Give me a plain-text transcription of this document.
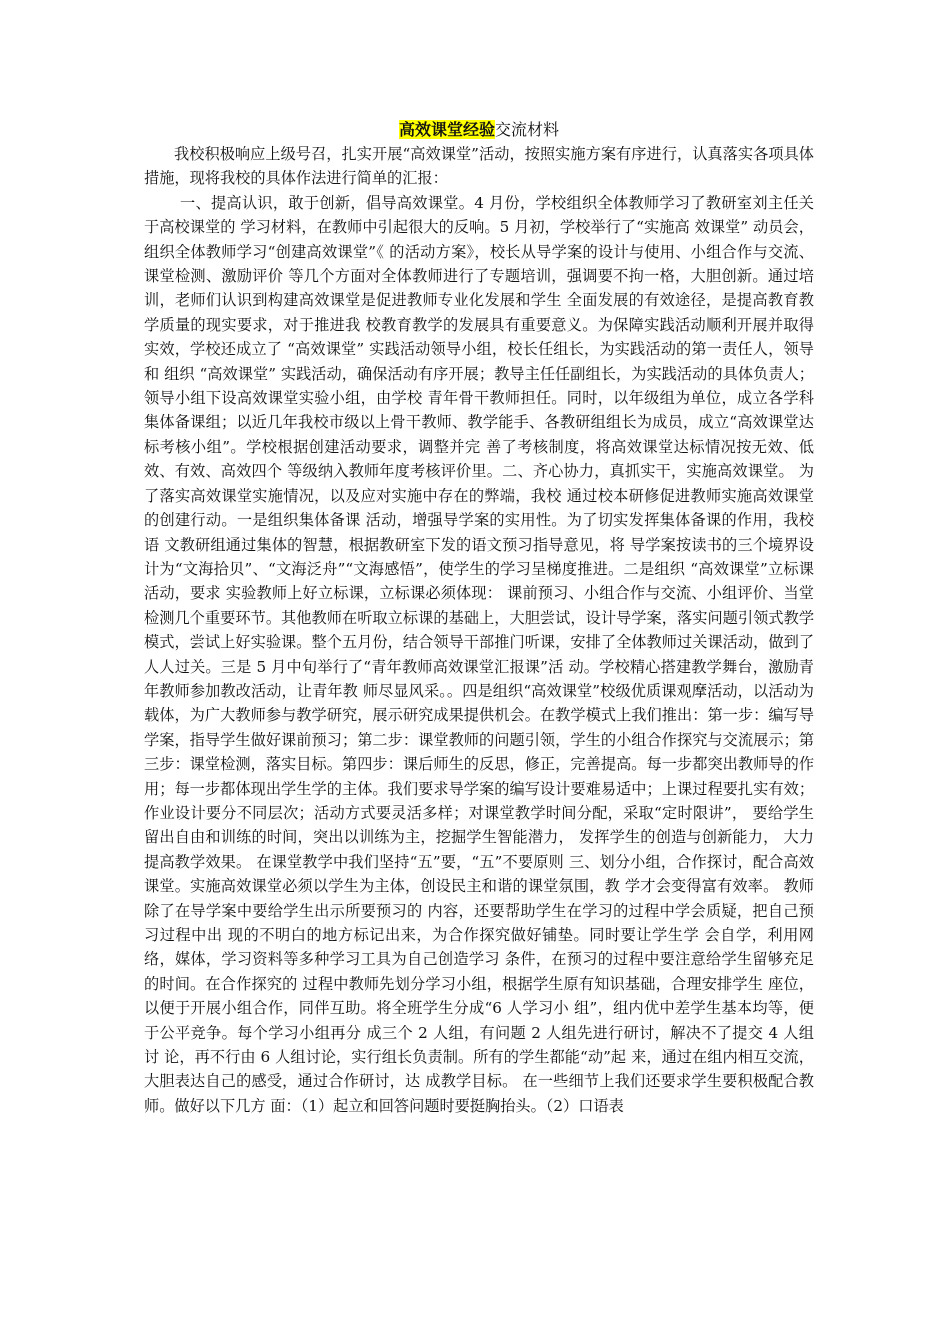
高效课堂经验交流材料

我校积极响应上级号召，扎实开展“高效课堂”活动，按照实施方案有序进行，认真落实各项具体措施，现将我校的具体作法进行简单的汇报：

一、提高认识，敢于创新，倡导高效课堂。4 月份，学校组织全体教师学习了教研室刘主任关于高校课堂的 学习材料，在教师中引起很大的反响。5 月初，学校举行了“实施高 效课堂” 动员会，组织全体教师学习“创建高效课堂”《 的活动方案》，校长从导学案的设计与使用、小组合作与交流、课堂检测、激励评价 等几个方面对全体教师进行了专题培训，强调要不拘一格，大胆创新。通过培训，老师们认识到构建高效课堂是促进教师专业化发展和学生 全面发展的有效途径，是提高教育教学质量的现实要求，对于推进我 校教育教学的发展具有重要意义。为保障实践活动顺利开展并取得实效，学校还成立了 “高效课堂” 实践活动领导小组，校长任组长，为实践活动的第一责任人，领导和 组织 “高效课堂” 实践活动，确保活动有序开展；教导主任任副组长，为实践活动的具体负责人；领导小组下设高效课堂实验小组，由学校 青年骨干教师担任。同时，以年级组为单位，成立各学科集体备课组；以近几年我校市级以上骨干教师、教学能手、各教研组组长为成员，成立“高效课堂达标考核小组”。学校根据创建活动要求，调整并完 善了考核制度，将高效课堂达标情况按无效、低效、有效、高效四个 等级纳入教师年度考核评价里。二、齐心协力，真抓实干，实施高效课堂。 为了落实高效课堂实施情况，以及应对实施中存在的弊端，我校 通过校本研修促进教师实施高效课堂的创建行动。一是组织集体备课 活动，增强导学案的实用性。为了切实发挥集体备课的作用，我校语 文教研组通过集体的智慧，根据教研室下发的语文预习指导意见，将 导学案按读书的三个境界设计为“文海拾贝”、“文海泛舟”“文海感悟”，使学生的学习呈梯度推进。二是组织 “高效课堂”立标课活动，要求 实验教师上好立标课，立标课必须体现： 课前预习、小组合作与交流、小组评价、当堂检测几个重要环节。其他教师在听取立标课的基础上，大胆尝试，设计导学案，落实问题引领式教学模式，尝试上好实验课。整个五月份，结合领导干部推门听课，安排了全体教师过关课活动，做到了人人过关。三是 5 月中旬举行了“青年教师高效课堂汇报课”活 动。学校精心搭建教学舞台，激励青年教师参加教改活动，让青年教 师尽显风采。。四是组织“高效课堂”校级优质课观摩活动，以活动为 载体，为广大教师参与教学研究，展示研究成果提供机会。在教学模式上我们推出：第一步：编写导学案，指导学生做好课前预习；第二步：课堂教师的问题引领，学生的小组合作探究与交流展示；第三步：课堂检测，落实目标。第四步：课后师生的反思，修正，完善提高。每一步都突出教师导的作用；每一步都体现出学生学的主体。我们要求导学案的编写设计要难易适中；上课过程要扎实有效；作业设计要分不同层次；活动方式要灵活多样；对课堂教学时间分配，采取“定时限讲”， 要给学生留出自由和训练的时间，突出以训练为主，挖掘学生智能潜力， 发挥学生的创造与创新能力， 大力提高教学效果。 在课堂教学中我们坚持“五”要，“五”不要原则 三、划分小组，合作探讨，配合高效课堂。实施高效课堂必须以学生为主体，创设民主和谐的课堂氛围，教 学才会变得富有效率。 教师除了在导学案中要给学生出示所要预习的 内容，还要帮助学生在学习的过程中学会质疑，把自己预习过程中出 现的不明白的地方标记出来，为合作探究做好铺垫。同时要让学生学 会自学，利用网络，媒体，学习资料等多种学习工具为自己创造学习 条件，在预习的过程中要注意给学生留够充足的时间。在合作探究的 过程中教师先划分学习小组，根据学生原有知识基础，合理安排学生 座位，以便于开展小组合作，同伴互助。将全班学生分成“6 人学习小 组”，组内优中差学生基本均等，便于公平竞争。每个学习小组再分 成三个 2 人组，有问题 2 人组先进行研讨，解决不了提交 4 人组讨 论，再不行由 6 人组讨论，实行组长负责制。所有的学生都能“动”起 来，通过在组内相互交流，大胆表达自己的感受，通过合作研讨，达 成教学目标。 在一些细节上我们还要求学生要积极配合教师。做好以下几方 面：（1）起立和回答问题时要挺胸抬头。（2）口语表
